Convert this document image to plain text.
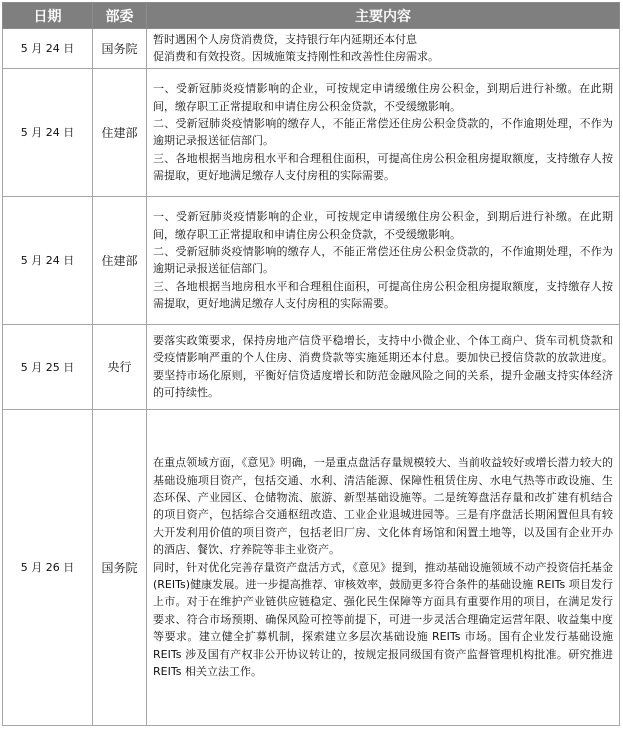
日期	部委	主要内容
5 月 24 日	国务院	暂时遇困个人房贷消费贷，支持银行年内延期还本付息

促消费和有效投资。因城施策支持刚性和改善性住房需求。

5 月 24 日	住建部	一、受新冠肺炎疫情影响的企业，可按规定申请缓缴住房公积金，到期后进行补缴。在此期间，缴存职工正常提取和申请住房公积金贷款，不受缓缴影响。

二、受新冠肺炎疫情影响的缴存人，不能正常偿还住房公积金贷款的，不作逾期处理，不作为逾期记录报送征信部门。

三、各地根据当地房租水平和合理租住面积，可提高住房公积金租房提取额度，支持缴存人按需提取，更好地满足缴存人支付房租的实际需要。

5 月 24 日	住建部	一、受新冠肺炎疫情影响的企业，可按规定申请缓缴住房公积金，到期后进行补缴。在此期间，缴存职工正常提取和申请住房公积金贷款，不受缓缴影响。

二、受新冠肺炎疫情影响的缴存人，不能正常偿还住房公积金贷款的，不作逾期处理，不作为逾期记录报送征信部门。

三、各地根据当地房租水平和合理租住面积，可提高住房公积金租房提取额度，支持缴存人按需提取，更好地满足缴存人支付房租的实际需要。

5 月 25 日	央行	要落实政策要求，保持房地产信贷平稳增长，支持中小微企业、个体工商户、货车司机贷款和受疫情影响严重的个人住房、消费贷款等实施延期还本付息。要加快已授信贷款的放款进度。要坚持市场化原则，平衡好信贷适度增长和防范金融风险之间的关系，提升金融支持实体经济的可持续性。

5 月 26 日	国务院	在重点领域方面，《意见》明确，一是重点盘活存量规模较大、当前收益较好或增长潜力较大的基础设施项目资产，包括交通、水利、清洁能源、保障性租赁住房、水电气热等市政设施、生态环保、产业园区、仓储物流、旅游、新型基础设施等。二是统筹盘活存量和改扩建有机结合的项目资产，包括综合交通枢纽改造、工业企业退城进园等。三是有序盘活长期闲置但具有较大开发利用价值的项目资产，包括老旧厂房、文化体育场馆和闲置土地等，以及国有企业开办的酒店、餐饮、疗养院等非主业资产。

同时，针对优化完善存量资产盘活方式，《意见》提到，推动基础设施领域不动产投资信托基金(REITs)健康发展。进一步提高推荐、审核效率，鼓励更多符合条件的基础设施 REITs 项目发行上市。对于在维护产业链供应链稳定、强化民生保障等方面具有重要作用的项目，在满足发行要求、符合市场预期、确保风险可控等前提下，可进一步灵活合理确定运营年限、收益集中度等要求。建立健全扩募机制，探索建立多层次基础设施 REITs 市场。国有企业发行基础设施 REITs 涉及国有产权非公开协议转让的，按规定报同级国有资产监督管理机构批准。研究推进 REITs 相关立法工作。
